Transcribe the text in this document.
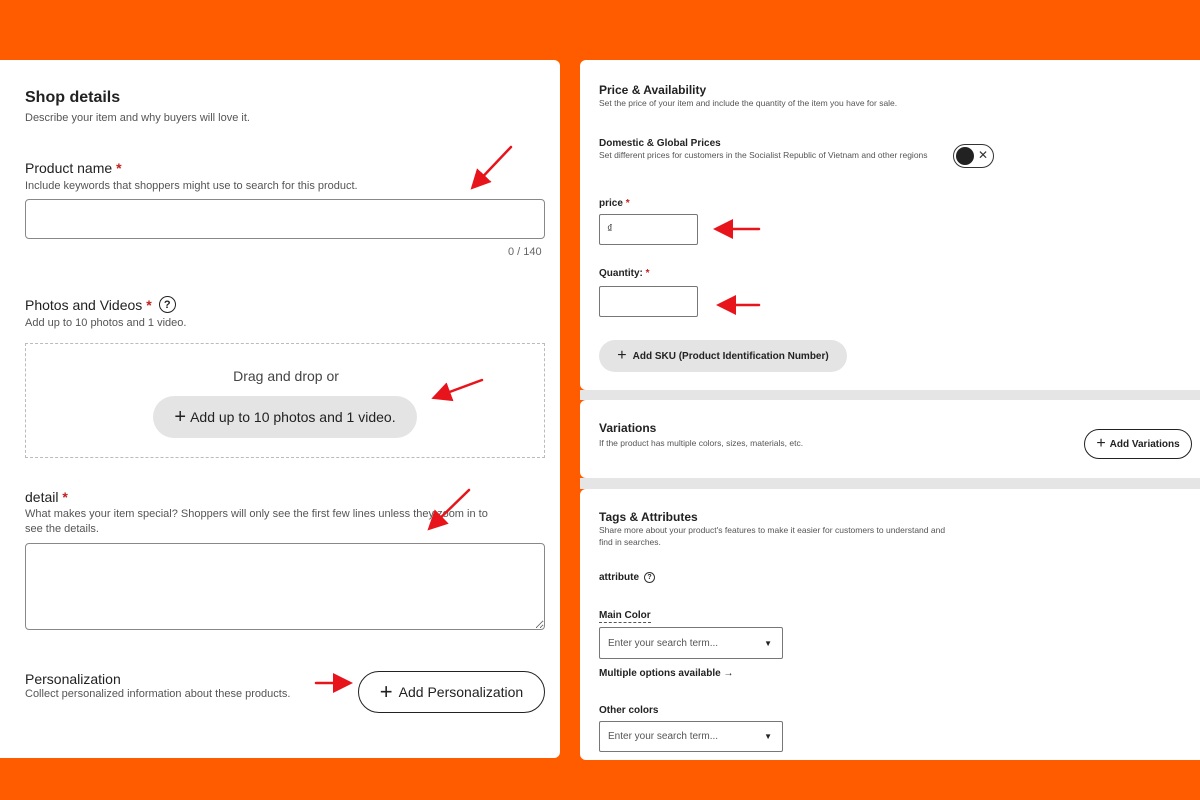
Shop details
Describe your item and why buyers will love it.
Product name *
Include keywords that shoppers might use to search for this product.
0 / 140
Photos and Videos *	?
Add up to 10 photos and 1 video.
Drag and drop or
+ Add up to 10 photos and 1 video.
detail *
What makes your item special? Shoppers will only see the first few lines unless they zoom in to
see the details.
Personalization
Collect personalized information about these products.	+ Add Personalization
Price & Availability
Set the price of your item and include the quantity of the item you have for sale.
Domestic & Global Prices
Set different prices for customers in the Socialist Republic of Vietnam and other regions	✕
price *
₫
Quantity: *
+ Add SKU (Product Identification Number)
Variations
If the product has multiple colors, sizes, materials, etc.	+ Add Variations
Tags & Attributes
Share more about your product's features to make it easier for customers to understand and
find in searches.
attribute	?
Main Color
Enter your search term...	▼
Multiple options available →
Other colors
Enter your search term...	▼
